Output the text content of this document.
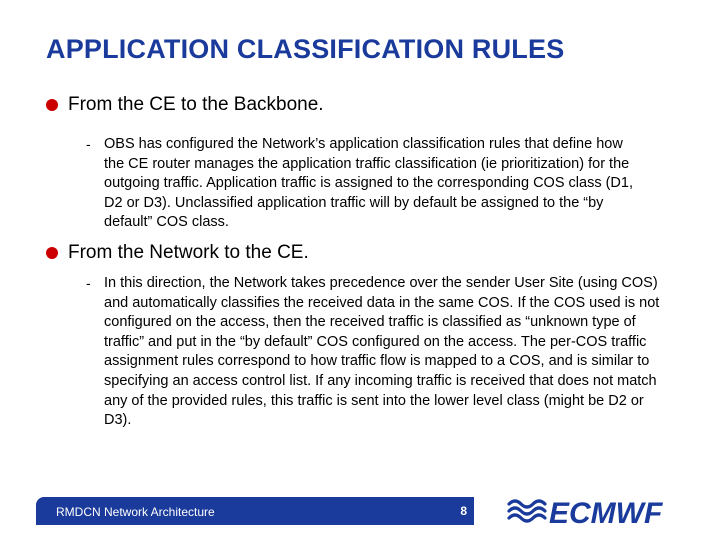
APPLICATION CLASSIFICATION RULES
From the CE to the Backbone.
- OBS has configured the Network’s application classification rules that define how the CE router manages the application traffic classification (ie prioritization) for the outgoing traffic. Application traffic is assigned to the corresponding COS class (D1, D2 or D3). Unclassified application traffic will by default be assigned to the “by default” COS class.
From the Network to the CE.
- In this direction, the Network takes precedence over the sender User Site (using COS) and automatically classifies the received data in the same COS. If the COS used is not configured on the access, then the received traffic is classified as “unknown type of traffic” and put in the “by default” COS configured on the access. The per-COS traffic assignment rules correspond to how traffic flow is mapped to a COS, and is similar to specifying an access control list. If any incoming traffic is received that does not match any of the provided rules, this traffic is sent into the lower level class (might be D2 or D3).
RMDCN Network Architecture	8	ECMWF
